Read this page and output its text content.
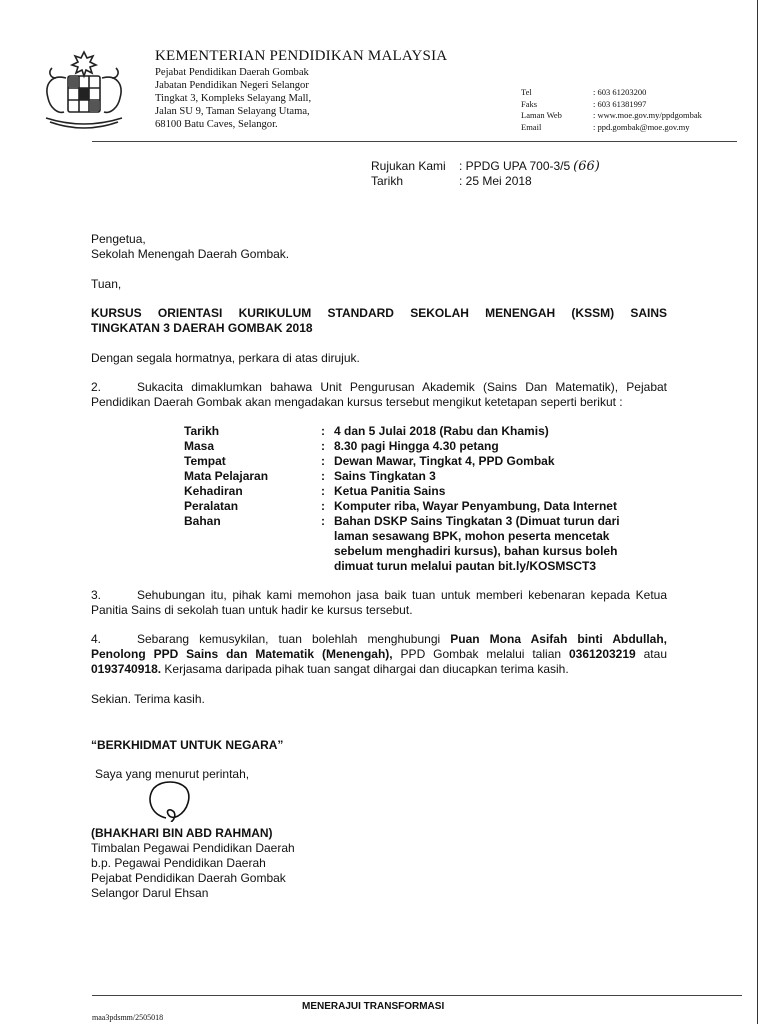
KEMENTERIAN PENDIDIKAN MALAYSIA
Pejabat Pendidikan Daerah Gombak
Jabatan Pendidikan Negeri Selangor
Tingkat 3, Kompleks Selayang Mall,
Jalan SU 9, Taman Selayang Utama,
68100 Batu Caves, Selangor.
Tel	: 603 61203200
Faks	: 603 61381997
Laman Web	: www.moe.gov.my/ppdgombak
Email	: ppd.gombak@moe.gov.my
Rujukan Kami	: PPDG UPA 700-3/5 (66)
Tarikh	: 25 Mei 2018
Pengetua,
Sekolah Menengah Daerah Gombak.
Tuan,
KURSUS ORIENTASI KURIKULUM STANDARD SEKOLAH MENENGAH (KSSM) SAINS
TINGKATAN 3 DAERAH GOMBAK 2018
Dengan segala hormatnya, perkara di atas dirujuk.
2.	Sukacita dimaklumkan bahawa Unit Pengurusan Akademik (Sains Dan Matematik), Pejabat
Pendidikan Daerah Gombak akan mengadakan kursus tersebut mengikut ketetapan seperti berikut :
Tarikh	: 4 dan 5 Julai 2018 (Rabu dan Khamis)
Masa	: 8.30 pagi Hingga 4.30 petang
Tempat	: Dewan Mawar, Tingkat 4, PPD Gombak
Mata Pelajaran	: Sains Tingkatan 3
Kehadiran	: Ketua Panitia Sains
Peralatan	: Komputer riba, Wayar Penyambung, Data Internet
Bahan	: Bahan DSKP Sains Tingkatan 3 (Dimuat turun dari laman sesawang BPK, mohon peserta mencetak sebelum menghadiri kursus), bahan kursus boleh dimuat turun melalui pautan bit.ly/KOSMSCT3
3.	Sehubungan itu, pihak kami memohon jasa baik tuan untuk memberi kebenaran kepada Ketua
Panitia Sains di sekolah tuan untuk hadir ke kursus tersebut.
4.	Sebarang kemusykilan, tuan bolehlah menghubungi Puan Mona Asifah binti Abdullah,
Penolong PPD Sains dan Matematik (Menengah), PPD Gombak melalui talian 0361203219 atau
0193740918. Kerjasama daripada pihak tuan sangat dihargai dan diucapkan terima kasih.
Sekian. Terima kasih.
“BERKHIDMAT UNTUK NEGARA”
Saya yang menurut perintah,
(BHAKHARI BIN ABD RAHMAN)
Timbalan Pegawai Pendidikan Daerah
b.p. Pegawai Pendidikan Daerah
Pejabat Pendidikan Daerah Gombak
Selangor Darul Ehsan
MENERAJUI TRANSFORMASI
maa3pdsmm/2505018
